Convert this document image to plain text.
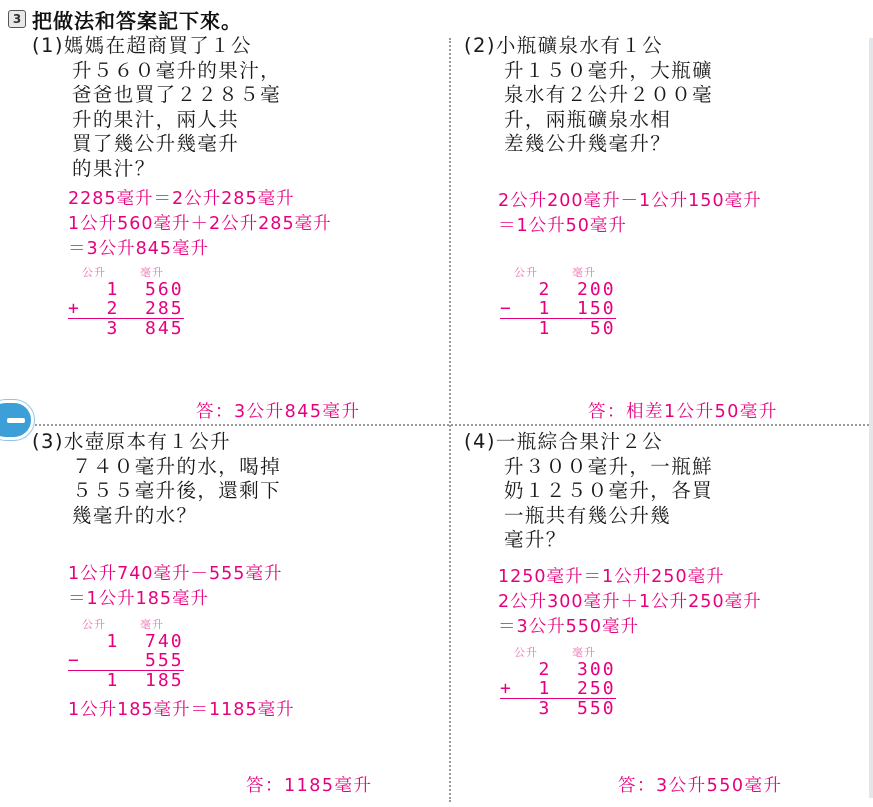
3 把做法和答案記下來。
(1)媽媽在超商買了１公
升５６０毫升的果汁，
爸爸也買了２２８５毫
升的果汁，兩人共
買了幾公升幾毫升
的果汁？
2285毫升＝2公升285毫升
1公升560毫升＋2公升285毫升
＝3公升845毫升
公升	毫升
1  560
+  2  285
3  845
答：3公升845毫升
(2)小瓶礦泉水有１公
升１５０毫升，大瓶礦
泉水有２公升２００毫
升，兩瓶礦泉水相
差幾公升幾毫升？
2公升200毫升－1公升150毫升
＝1公升50毫升
公升	毫升
2  200
−  1  150
1   50
答：相差1公升50毫升
(3)水壺原本有１公升
７４０毫升的水，喝掉
５５５毫升後，還剩下
幾毫升的水？
1公升740毫升－555毫升
＝1公升185毫升
公升	毫升
1  740
−     555
1  185
1公升185毫升＝1185毫升
答：1185毫升
(4)一瓶綜合果汁２公
升３００毫升，一瓶鮮
奶１２５０毫升，各買
一瓶共有幾公升幾
毫升？
1250毫升＝1公升250毫升
2公升300毫升＋1公升250毫升
＝3公升550毫升
公升	毫升
2  300
+  1  250
3  550
答：3公升550毫升
